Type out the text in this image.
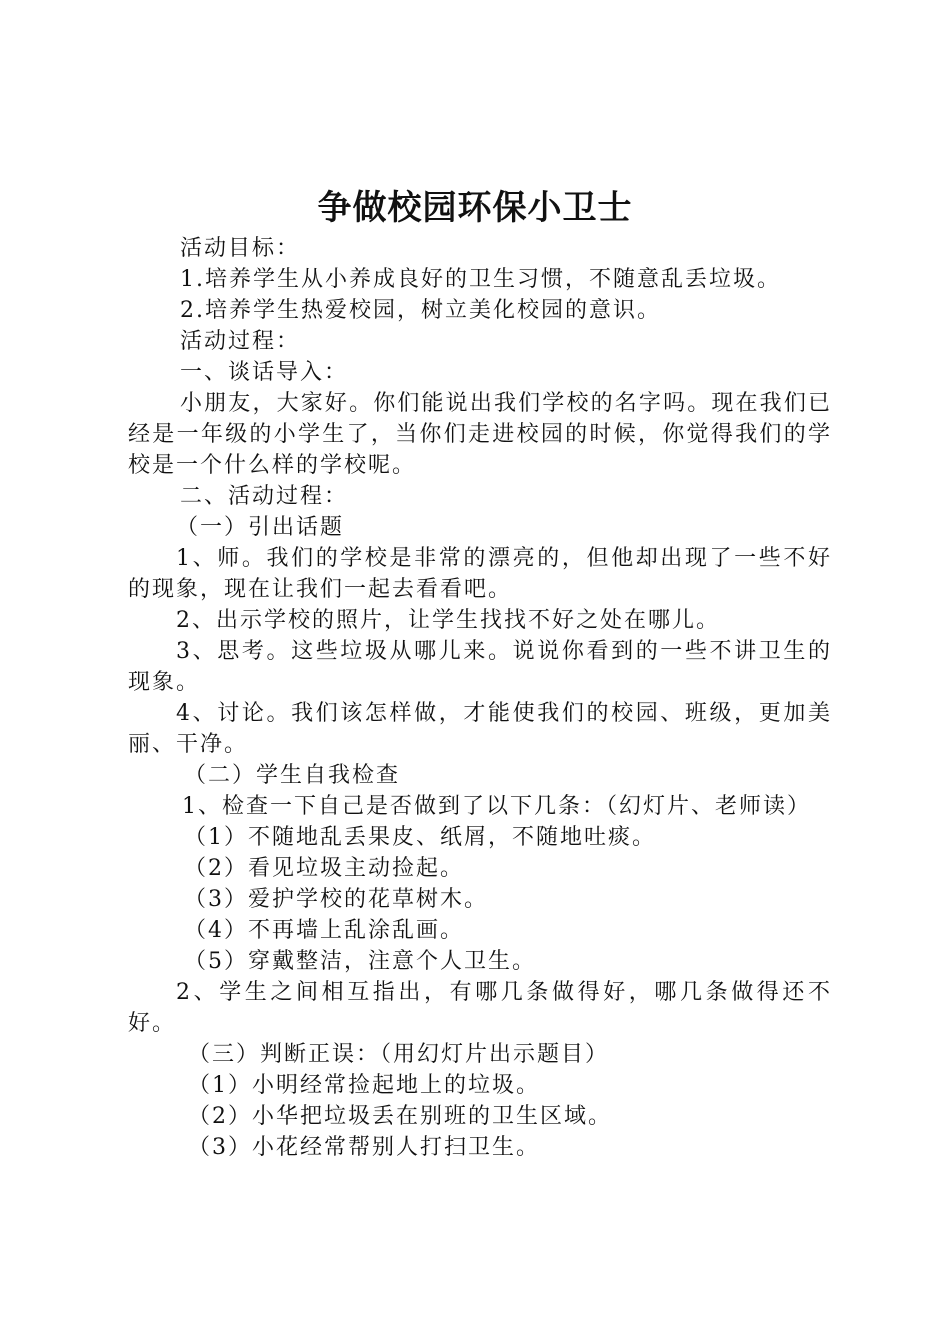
争做校园环保小卫士

活动目标：

1.培养学生从小养成良好的卫生习惯，不随意乱丢垃圾。

2.培养学生热爱校园，树立美化校园的意识。

活动过程：

一、谈话导入：

小朋友，大家好。你们能说出我们学校的名字吗。现在我们已经是一年级的小学生了，当你们走进校园的时候，你觉得我们的学校是一个什么样的学校呢。

二、活动过程：

（一）引出话题

1、师。我们的学校是非常的漂亮的，但他却出现了一些不好的现象，现在让我们一起去看看吧。

2、出示学校的照片，让学生找找不好之处在哪儿。

3、思考。这些垃圾从哪儿来。说说你看到的一些不讲卫生的现象。

4、讨论。我们该怎样做，才能使我们的校园、班级，更加美丽、干净。

（二）学生自我检查

1、检查一下自己是否做到了以下几条：（幻灯片、老师读）

（1）不随地乱丢果皮、纸屑，不随地吐痰。

（2）看见垃圾主动捡起。

（3）爱护学校的花草树木。

（4）不再墙上乱涂乱画。

（5）穿戴整洁，注意个人卫生。

2、学生之间相互指出，有哪几条做得好，哪几条做得还不好。

（三）判断正误：（用幻灯片出示题目）

（1）小明经常捡起地上的垃圾。

（2）小华把垃圾丢在别班的卫生区域。

（3）小花经常帮别人打扫卫生。
